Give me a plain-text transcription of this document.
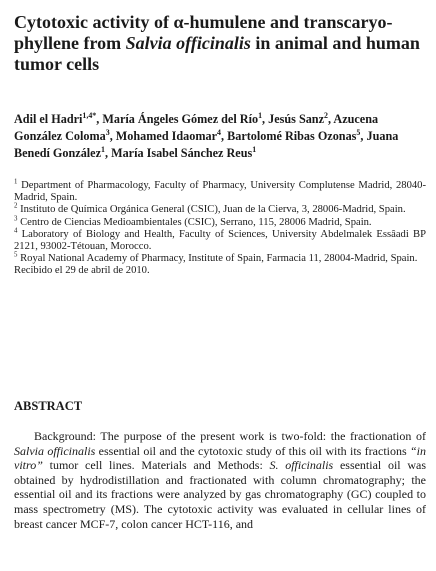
Cytotoxic activity of α-humulene and transcaryo-phyllene from Salvia officinalis in animal and human tumor cells

Adil el Hadri$^{1,4*}$, María Ángeles Gómez del Río$^1$, Jesús Sanz$^2$, Azucena González Coloma$^3$, Mohamed Idaomar$^4$, Bartolomé Ribas Ozonas$^5$, Juana Benedí González$^1$, María Isabel Sánchez Reus$^1$

$^1$ Department of Pharmacology, Faculty of Pharmacy, University Complutense Madrid, 28040-Madrid, Spain.

$^2$ Instituto de Química Orgánica General (CSIC), Juan de la Cierva, 3, 28006-Madrid, Spain.

$^3$ Centro de Ciencias Medioambientales (CSIC), Serrano, 115, 28006 Madrid, Spain.

$^4$ Laboratory of Biology and Health, Faculty of Sciences, University Abdelmalek Essâadi BP 2121, 93002-Tétouan, Morocco.

$^5$ Royal National Academy of Pharmacy, Institute of Spain, Farmacia 11, 28004-Madrid, Spain.

Recibido el 29 de abril de 2010.

ABSTRACT

Background: The purpose of the present work is two-fold: the fractionation of Salvia officinalis essential oil and the cytotoxic study of this oil with its fractions “in vitro” tumor cell lines. Materials and Methods: S. officinalis essential oil was obtained by hydrodistillation and fractionated with column chromatography; the essential oil and its fractions were analyzed by gas chromatography (GC) coupled to mass spectrometry (MS). The cytotoxic activity was evaluated in cellular lines of breast cancer MCF-7, colon cancer HCT-116, and
